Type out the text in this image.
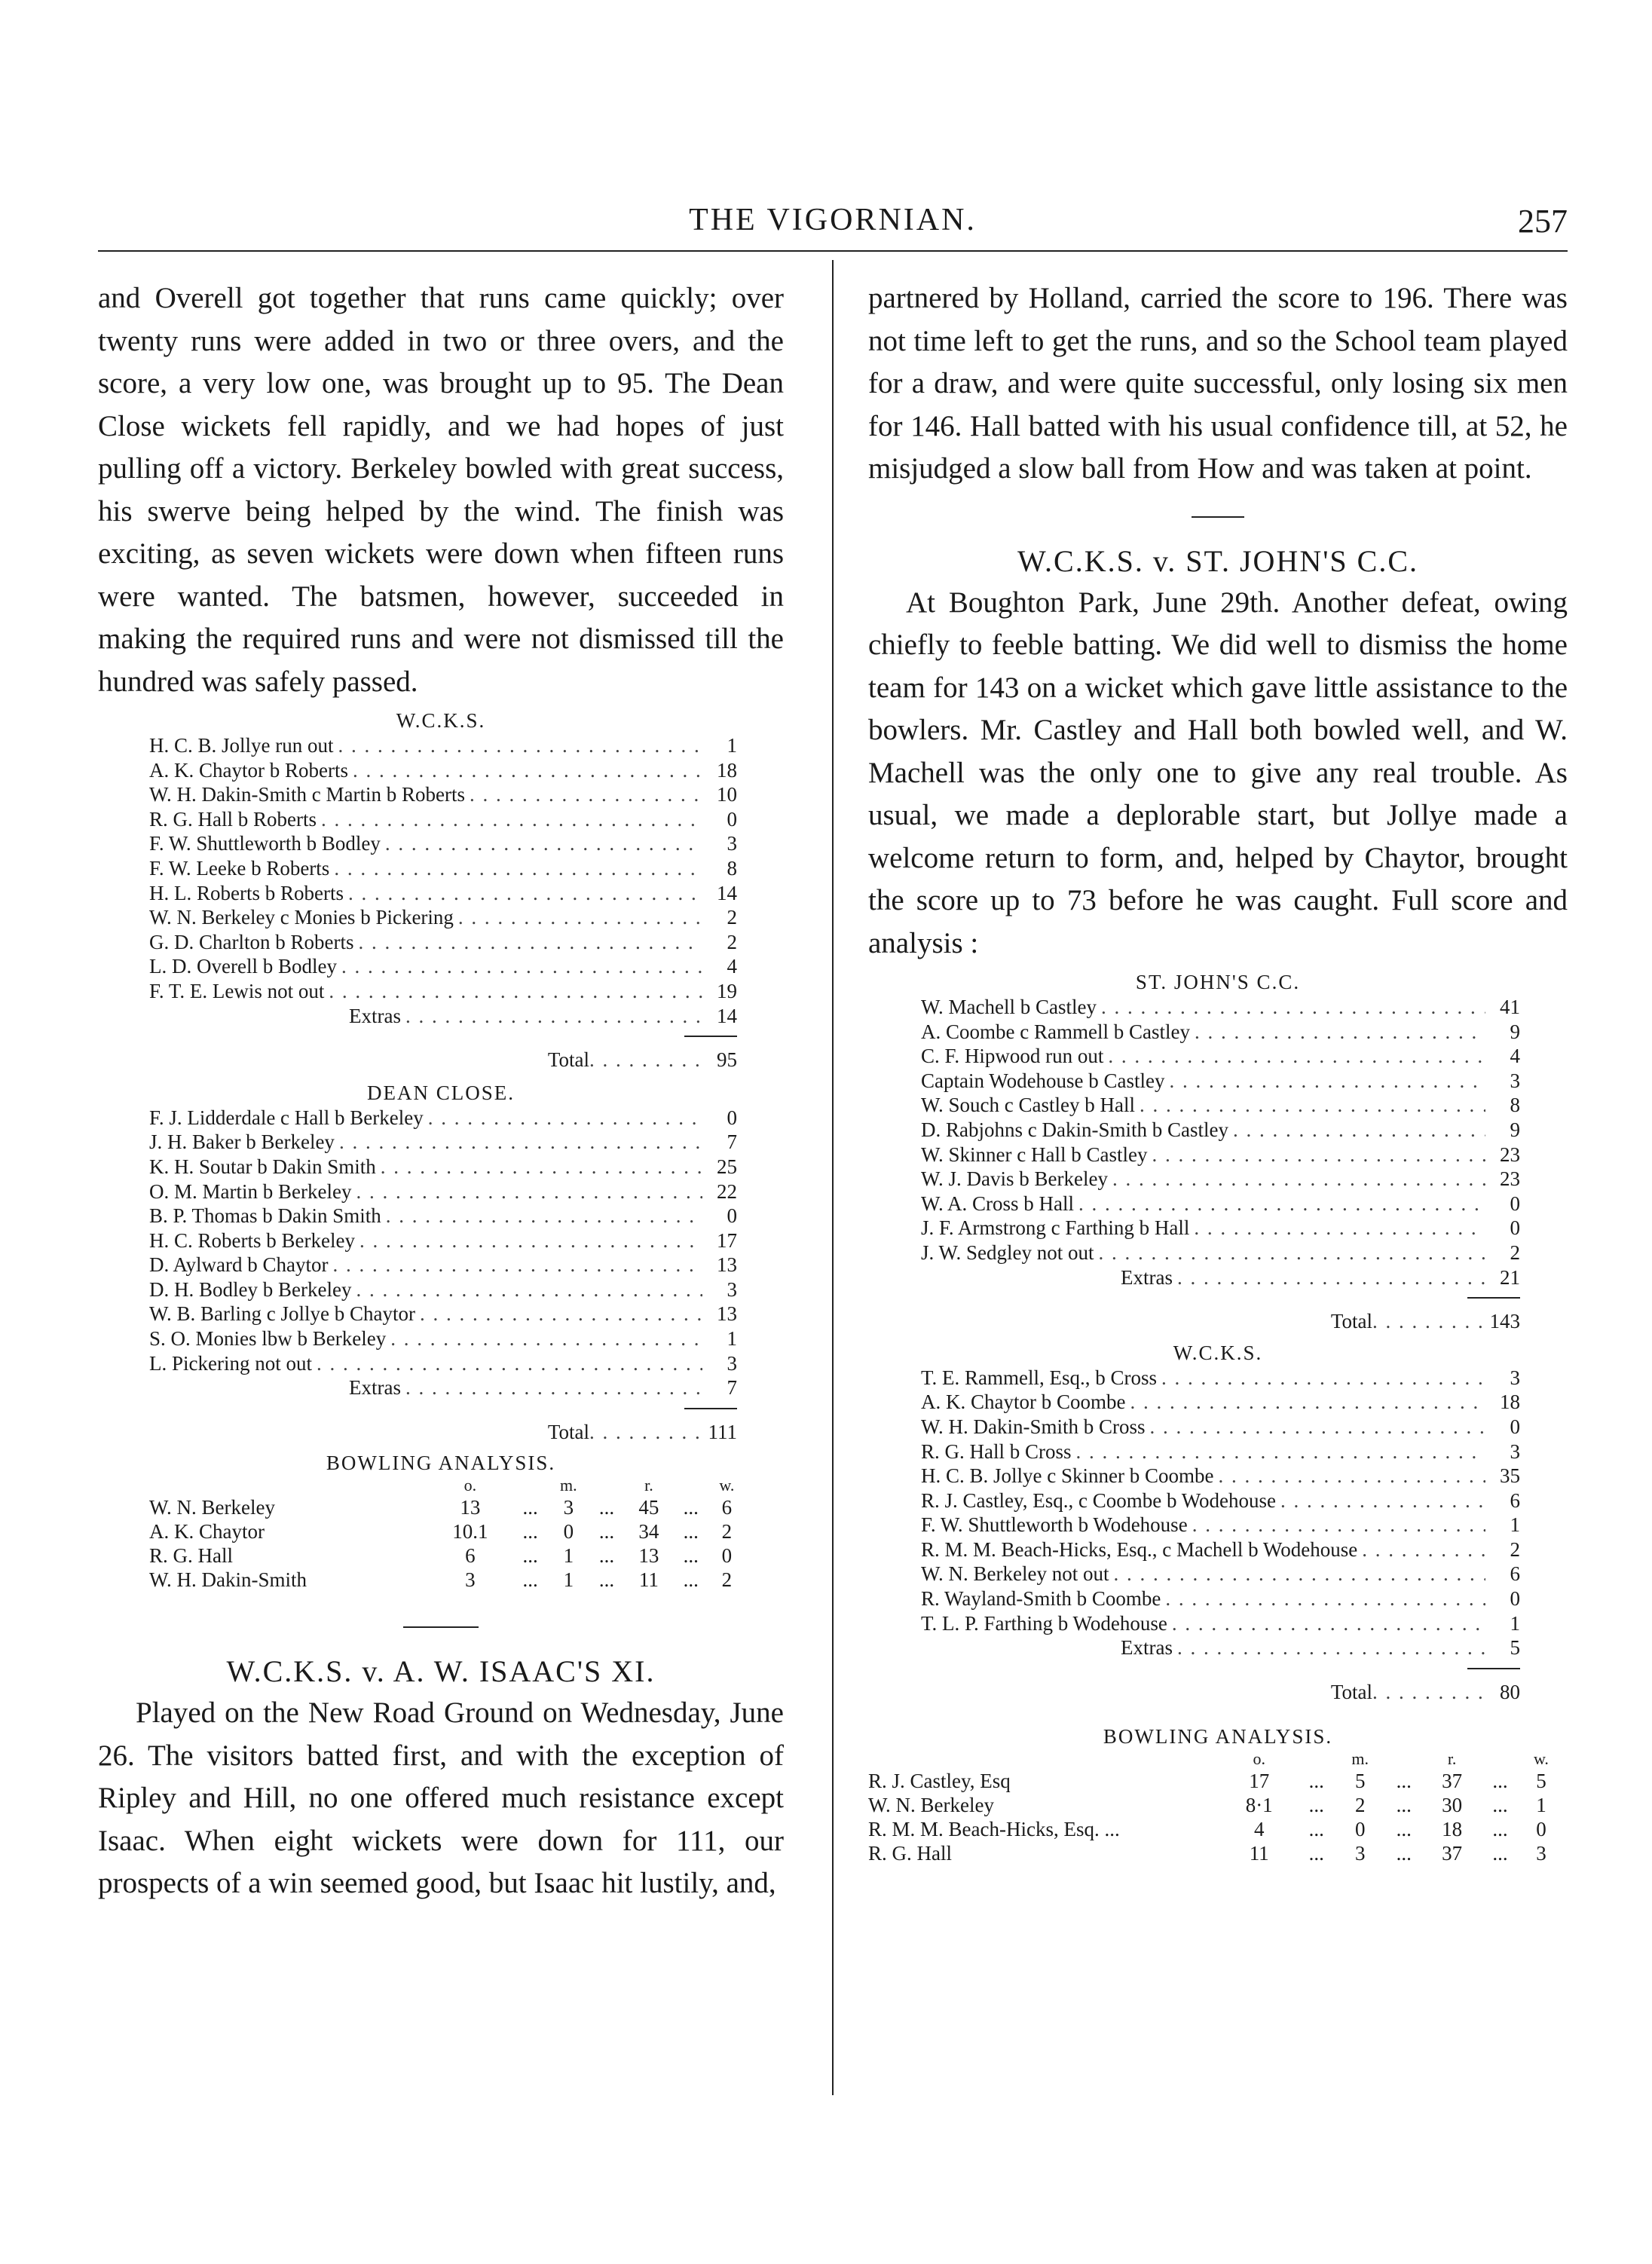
THE VIGORNIAN.	257

and Overell got together that runs came quickly; over twenty runs were added in two or three overs, and the score, a very low one, was brought up to 95. The Dean Close wickets fell rapidly, and we had hopes of just pulling off a victory. Berkeley bowled with great success, his swerve being helped by the wind. The finish was exciting, as seven wickets were down when fifteen runs were wanted. The batsmen, however, succeeded in making the required runs and were not dismissed till the hundred was safely passed.

W.C.K.S.
H. C. B. Jollye run out . . .	1
A. K. Chaytor b Roberts . . .	18
W. H. Dakin-Smith c Martin b Roberts . . .	10
R. G. Hall b Roberts . . .	0
F. W. Shuttleworth b Bodley . . .	3
F. W. Leeke b Roberts . . .	8
H. L. Roberts b Roberts . . .	14
W. N. Berkeley c Monies b Pickering . . .	2
G. D. Charlton b Roberts . . .	2
L. D. Overell b Bodley . . .	4
F. T. E. Lewis not out . . .	19
Extras . . .	14
Total . . .	95
DEAN CLOSE.
F. J. Lidderdale c Hall b Berkeley . . .	0
J. H. Baker b Berkeley . . .	7
K. H. Soutar b Dakin Smith . . .	25
O. M. Martin b Berkeley . . .	22
B. P. Thomas b Dakin Smith . . .	0
H. C. Roberts b Berkeley . . .	17
D. Aylward b Chaytor . . .	13
D. H. Bodley b Berkeley . . .	3
W. B. Barling c Jollye b Chaytor . . .	13
S. O. Monies lbw b Berkeley . . .	1
L. Pickering not out . . .	3
Extras . . .	7
Total . . .	111
BOWLING ANALYSIS.
	o.		m.		r.		w.
W. N. Berkeley	13	...	3	...	45	...	6
A. K. Chaytor	10.1	...	0	...	34	...	2
R. G. Hall	6	...	1	...	13	...	0
W. H. Dakin-Smith	3	...	1	...	11	...	2
W.C.K.S. v. A. W. ISAAC'S XI.

Played on the New Road Ground on Wednesday, June 26. The visitors batted first, and with the exception of Ripley and Hill, no one offered much resistance except Isaac. When eight wickets were down for 111, our prospects of a win seemed good, but Isaac hit lustily, and,

partnered by Holland, carried the score to 196. There was not time left to get the runs, and so the School team played for a draw, and were quite successful, only losing six men for 146. Hall batted with his usual confidence till, at 52, he misjudged a slow ball from How and was taken at point.

W.C.K.S. v. ST. JOHN'S C.C.

At Boughton Park, June 29th. Another defeat, owing chiefly to feeble batting. We did well to dismiss the home team for 143 on a wicket which gave little assistance to the bowlers. Mr. Castley and Hall both bowled well, and W. Machell was the only one to give any real trouble. As usual, we made a deplorable start, but Jollye made a welcome return to form, and, helped by Chaytor, brought the score up to 73 before he was caught. Full score and analysis :

ST. JOHN'S C.C.
W. Machell b Castley . . .	41
A. Coombe c Rammell b Castley . . .	9
C. F. Hipwood run out . . .	4
Captain Wodehouse b Castley . . .	3
W. Souch c Castley b Hall . . .	8
D. Rabjohns c Dakin-Smith b Castley . . .	9
W. Skinner c Hall b Castley . . .	23
W. J. Davis b Berkeley . . .	23
W. A. Cross b Hall . . .	0
J. F. Armstrong c Farthing b Hall . . .	0
J. W. Sedgley not out . . .	2
Extras . . .	21
Total . . .	143
W.C.K.S.
T. E. Rammell, Esq., b Cross . . .	3
A. K. Chaytor b Coombe . . .	18
W. H. Dakin-Smith b Cross . . .	0
R. G. Hall b Cross . . .	3
H. C. B. Jollye c Skinner b Coombe . . .	35
R. J. Castley, Esq., c Coombe b Wodehouse . . .	6
F. W. Shuttleworth b Wodehouse . . .	1
R. M. M. Beach-Hicks, Esq., c Machell b Wodehouse . . .	2
W. N. Berkeley not out . . .	6
R. Wayland-Smith b Coombe . . .	0
T. L. P. Farthing b Wodehouse . . .	1
Extras . . .	5
Total . . .	80
BOWLING ANALYSIS.
	o.		m.		r.		w.
R. J. Castley, Esq	17	...	5	...	37	...	5
W. N. Berkeley	8·1	...	2	...	30	...	1
R. M. M. Beach-Hicks, Esq. ...	4	...	0	...	18	...	0
R. G. Hall	11	...	3	...	37	...	3
